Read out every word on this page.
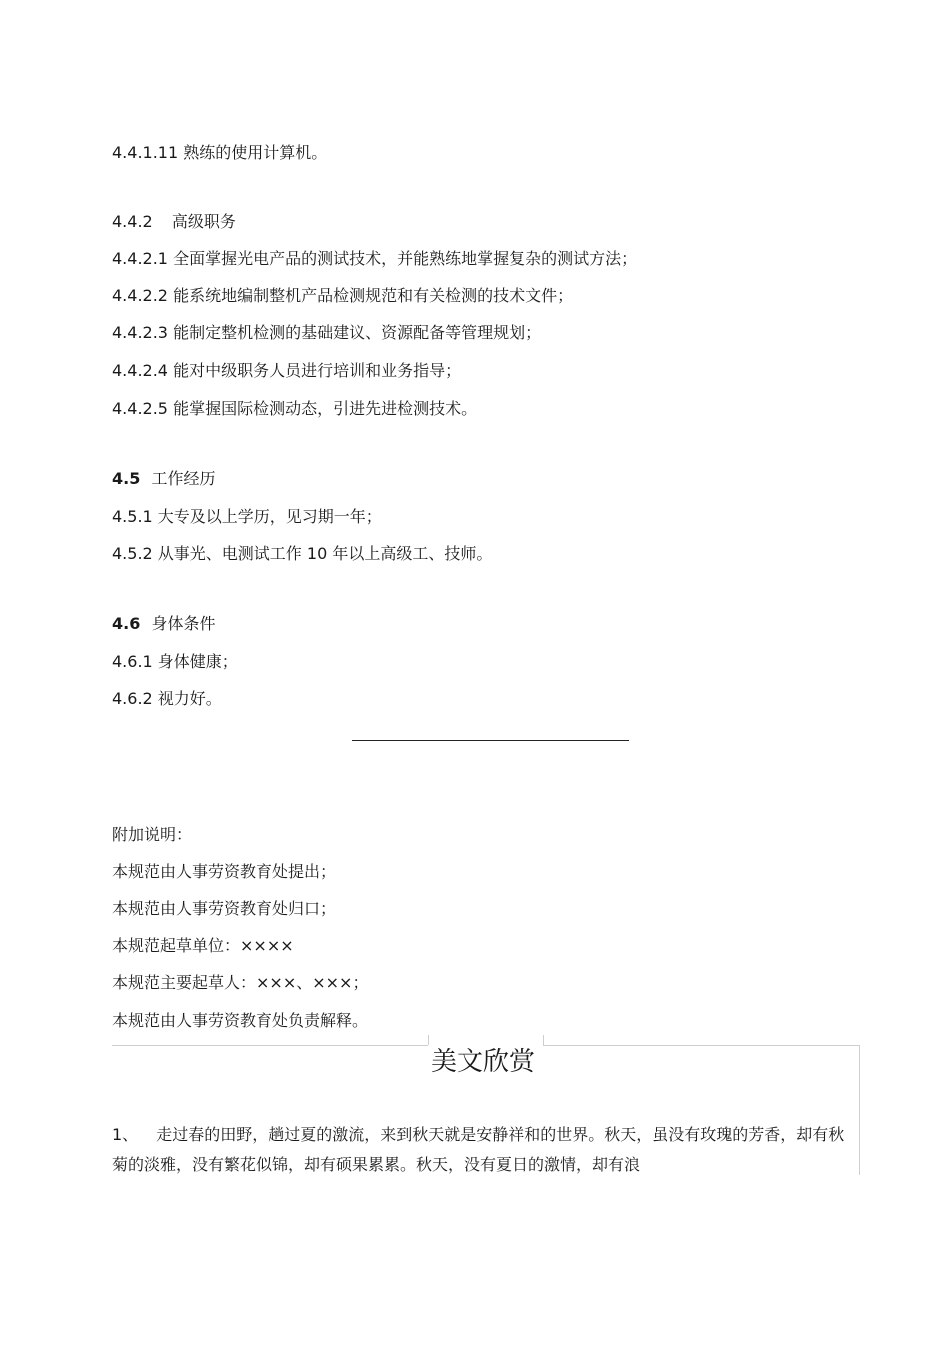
4.4.1.11 熟练的使用计算机。
4.4.2 高级职务
4.4.2.1 全面掌握光电产品的测试技术，并能熟练地掌握复杂的测试方法；
4.4.2.2 能系统地编制整机产品检测规范和有关检测的技术文件；
4.4.2.3 能制定整机检测的基础建议、资源配备等管理规划；
4.4.2.4 能对中级职务人员进行培训和业务指导；
4.4.2.5 能掌握国际检测动态，引进先进检测技术。
4.5 工作经历
4.5.1 大专及以上学历，见习期一年；
4.5.2 从事光、电测试工作 10 年以上高级工、技师。
4.6 身体条件
4.6.1 身体健康；
4.6.2 视力好。
附加说明：
本规范由人事劳资教育处提出；
本规范由人事劳资教育处归口；
本规范起草单位：××××
本规范主要起草人：×××、×××；
本规范由人事劳资教育处负责解释。
美文欣赏
1、 走过春的田野，趟过夏的激流，来到秋天就是安静祥和的世界。秋天，虽没有玫瑰的芳香，却有秋菊的淡雅，没有繁花似锦，却有硕果累累。秋天，没有夏日的激情，却有浪
